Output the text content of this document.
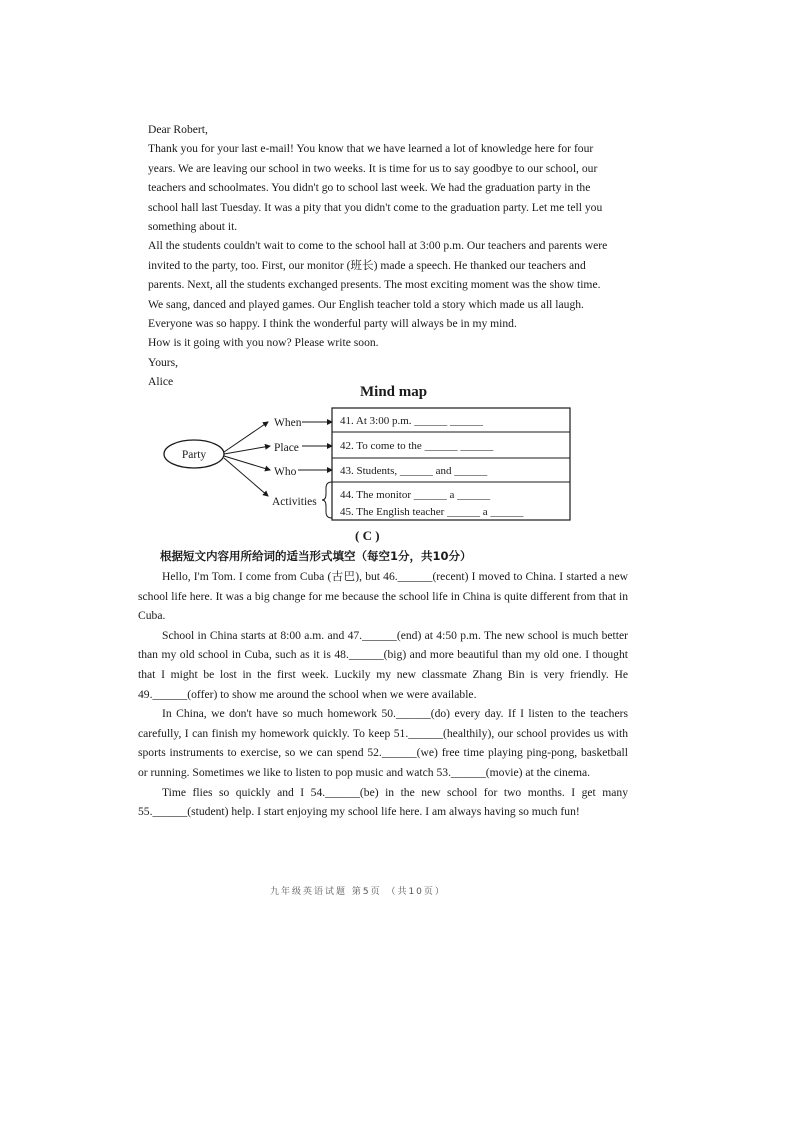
Dear Robert,

Thank you for your last e-mail! You know that we have learned a lot of knowledge here for four years. We are leaving our school in two weeks. It is time for us to say goodbye to our school, our teachers and schoolmates. You didn't go to school last week. We had the graduation party in the school hall last Tuesday. It was a pity that you didn't come to the graduation party. Let me tell you something about it.

All the students couldn't wait to come to the school hall at 3:00 p.m. Our teachers and parents were invited to the party, too. First, our monitor (班长) made a speech. He thanked our teachers and parents. Next, all the students exchanged presents. The most exciting moment was the show time. We sang, danced and played games. Our English teacher told a story which made us all laugh. Everyone was so happy. I think the wonderful party will always be in my mind.

How is it going with you now? Please write soon.

Yours,

Alice

Mind map
Party
When
Place
Who
Activities
41. At 3:00 p.m. ______ ______
42. To come to the ______ ______
43. Students, ______ and ______
44. The monitor ______ a ______
45. The English teacher ______ a ______
( C )
根据短文内容用所给词的适当形式填空（每空1分，共10分）

Hello, I'm Tom. I come from Cuba (古巴), but 46.______(recent) I moved to China. I started a new school life here. It was a big change for me because the school life in China is quite different from that in Cuba.

School in China starts at 8:00 a.m. and 47.______(end) at 4:50 p.m. The new school is much better than my old school in Cuba, such as it is 48.______(big) and more beautiful than my old one. I thought that I might be lost in the first week. Luckily my new classmate Zhang Bin is very friendly. He 49.______(offer) to show me around the school when we were available.

In China, we don't have so much homework 50.______(do) every day. If I listen to the teachers carefully, I can finish my homework quickly. To keep 51.______(healthily), our school provides us with sports instruments to exercise, so we can spend 52.______(we) free time playing ping-pong, basketball or running. Sometimes we like to listen to pop music and watch 53.______(movie) at the cinema.

Time flies so quickly and I 54.______(be) in the new school for two months. I get many 55.______(student) help. I start enjoying my school life here. I am always having so much fun!

九年级英语试题 第5页 （共10页）
